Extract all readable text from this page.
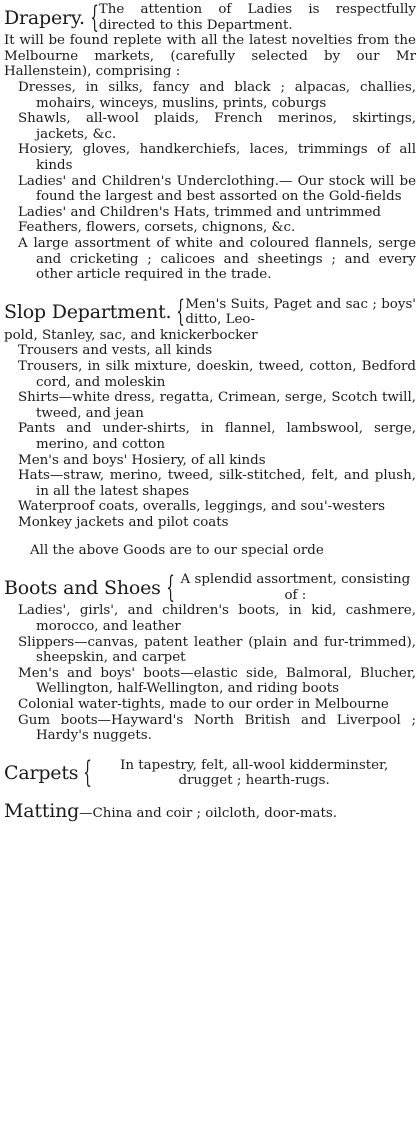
Drapery. { The attention of Ladies is respectfully directed to this Department.
It will be found replete with all the latest novelties from the Melbourne markets, (carefully selected by our Mr Hallenstein), comprising :
Dresses, in silks, fancy and black ; alpacas, challies, mohairs, winceys, muslins, prints, coburgs
Shawls, all-wool plaids, French merinos, skirtings, jackets, &c.
Hosiery, gloves, handkerchiefs, laces, trimmings of all kinds
Ladies' and Children's Underclothing.— Our stock will be found the largest and best assorted on the Gold-fields
Ladies' and Children's Hats, trimmed and untrimmed
Feathers, flowers, corsets, chignons, &c.
A large assortment of white and coloured flannels, serge and cricketing ; calicoes and sheetings ; and every other article required in the trade.
Slop Department. { Men's Suits, Paget and sac ; boys' ditto, Leo-
pold, Stanley, sac, and knickerbocker
Trousers and vests, all kinds
Trousers, in silk mixture, doeskin, tweed, cotton, Bedford cord, and moleskin
Shirts—white dress, regatta, Crimean, serge, Scotch twill, tweed, and jean
Pants and under-shirts, in flannel, lambswool, serge, merino, and cotton
Men's and boys' Hosiery, of all kinds
Hats—straw, merino, tweed, silk-stitched, felt, and plush, in all the latest shapes
Waterproof coats, overalls, leggings, and sou'-westers
Monkey jackets and pilot coats
All the above Goods are to our special orde
Boots and Shoes { A splendid assortment, consisting of :
Ladies', girls', and children's boots, in kid, cashmere, morocco, and leather
Slippers—canvas, patent leather (plain and fur-trimmed), sheepskin, and carpet
Men's and boys' boots—elastic side, Balmoral, Blucher, Wellington, half-Wellington, and riding boots
Colonial water-tights, made to our order in Melbourne
Gum boots—Hayward's North British and Liverpool ; Hardy's nuggets.
Carpets {	In tapestry, felt, all-wool kidderminster, drugget ; hearth-rugs.
Matting —China and coir ; oilcloth, door-mats.
